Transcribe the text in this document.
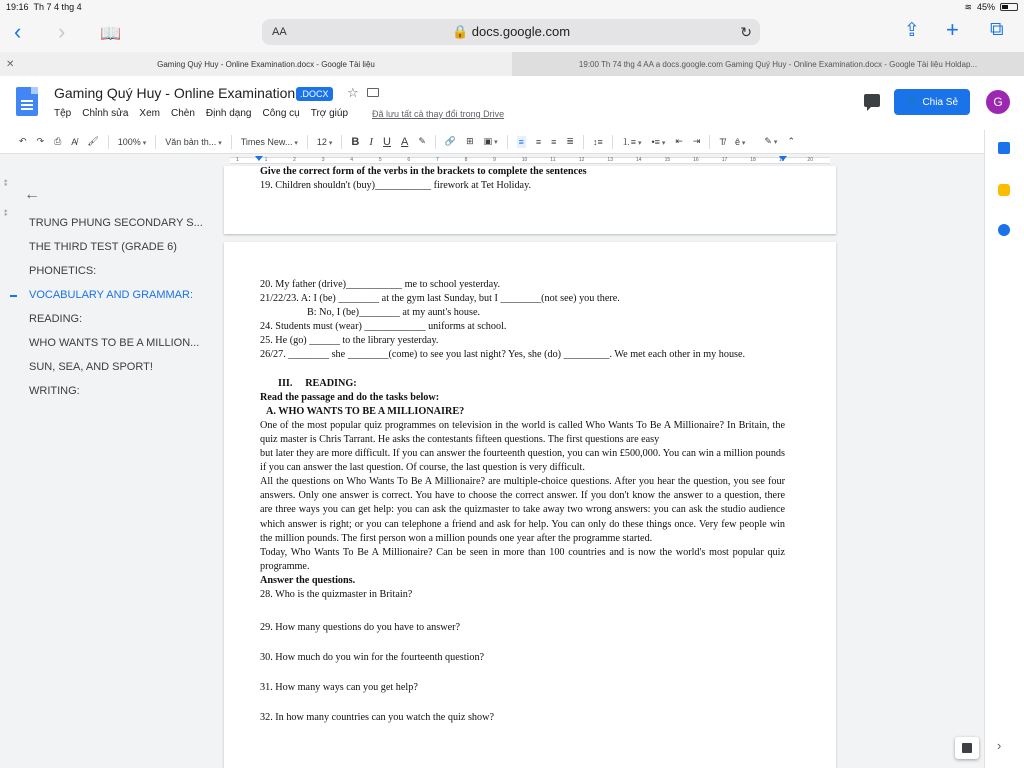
19:16
Th 7 4 thg 4	≋ 45%
‹ › 📖	AA	🔒 docs.google.com	↻	⇪ + ⧉
✕	Gaming Quý Huy - Online Examination.docx - Google Tài liệu	19:00 Th 74 thg 4 AA a docs.google.com Gaming Quý Huy - Online Examination.docx - Google Tài liệu Holdap...
Gaming Quý Huy - Online Examination .DOCX	☆
Tệp Chỉnh sửa Xem Chèn Định dạng Công cụ Trợ giúp	Đã lưu tất cả thay đổi trong Drive
👤 Chia Sẻ	G
↶ ↷ ⎙ A̸ 🖌 100% ▾	Văn bản th... ▾	Times New... ▾	12 ▾	B I U A ✎ 🔗 ⊞ ▣ ▾	≡ ≡ ≡ ≣ ↕≡ ⒈≡ ▾	•≡ ▾	⇤ ⇥ T̸ ê ▾	✎ ▾	⌃
1	1	2	3	4	5	6	7	8	9	10	11	12	13	14	15	16	17	18	19	20
⁑
⁑
←
TRUNG PHUNG SECONDARY S...
THE THIRD TEST (GRADE 6)
PHONETICS:
VOCABULARY AND GRAMMAR:
READING:
WHO WANTS TO BE A MILLION...
SUN, SEA, AND SPORT!
WRITING:

Give the correct form of the verbs in the brackets to complete the sentences

19. Children shouldn't (buy)___________ firework at Tet Holiday.

20. My father (drive)___________ me to school yesterday.

21/22/23. A: I (be) ________ at the gym last Sunday, but I ________(not see) you there.

B: No, I (be)________ at my aunt's house.

24. Students must (wear) ____________ uniforms at school.

25. He (go) ______ to the library yesterday.

26/27. ________ she ________(come) to see you last night? Yes, she (do) _________. We met each other in my house.

III. READING:

Read the passage and do the tasks below:

A. WHO WANTS TO BE A MILLIONAIRE?

One of the most popular quiz programmes on television in the world is called Who Wants To Be A Millionaire? In Britain, the quiz master is Chris Tarrant. He asks the contestants fifteen questions. The first questions are easy

but later they are more difficult. If you can answer the fourteenth question, you can win £500,000. You can win a million pounds if you can answer the last question. Of course, the last question is very difficult.

All the questions on Who Wants To Be A Millionaire? are multiple-choice questions. After you hear the question, you see four answers. Only one answer is correct. You have to choose the correct answer. If you don't know the answer to a question, there are three ways you can get help: you can ask the quizmaster to take away two wrong answers: you can ask the studio audience which answer is right; or you can telephone a friend and ask for help. You can only do these things once. Very few people win the million pounds. The first person won a million pounds one year after the programme started.

Today, Who Wants To Be A Millionaire? Can be seen in more than 100 countries and is now the world's most popular quiz programme.

Answer the questions.

28. Who is the quizmaster in Britain?

29. How many questions do you have to answer?

30. How much do you win for the fourteenth question?

31. How many ways can you get help?

32. In how many countries can you watch the quiz show?

›
